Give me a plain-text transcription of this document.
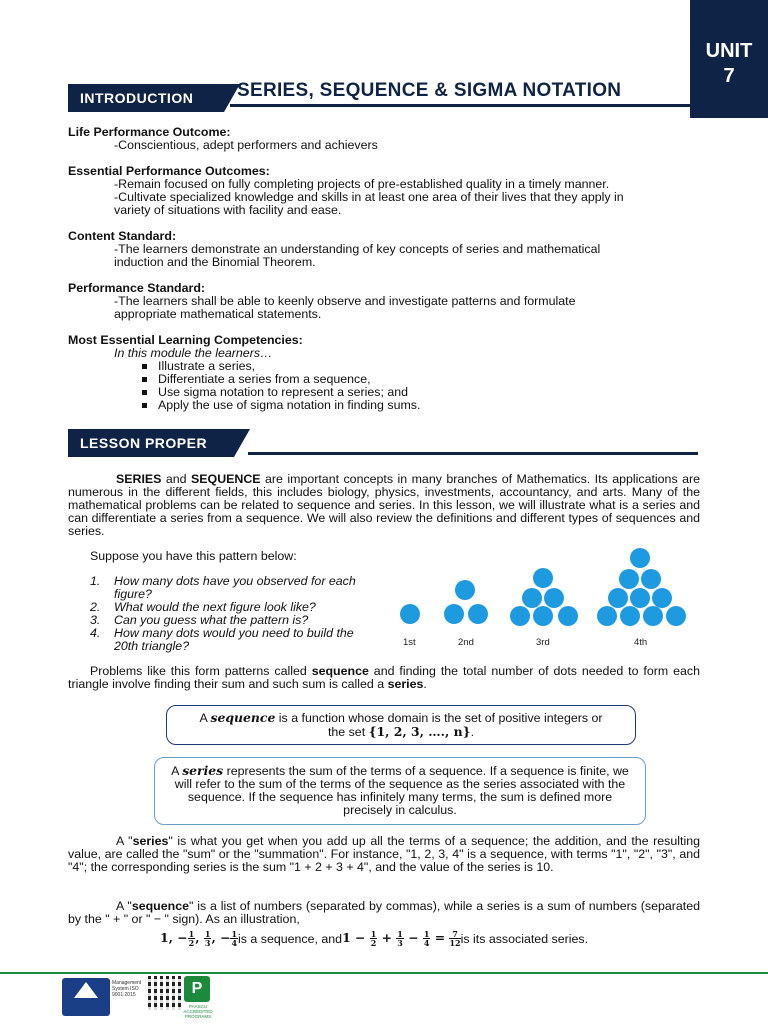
UNIT
7
INTRODUCTION	SERIES, SEQUENCE & SIGMA NOTATION
Life Performance Outcome:
-Conscientious, adept performers and achievers
Essential Performance Outcomes:
-Remain focused on fully completing projects of pre-established quality in a timely manner.
-Cultivate specialized knowledge and skills in at least one area of their lives that they apply in
variety of situations with facility and ease.
Content Standard:
-The learners demonstrate an understanding of key concepts of series and mathematical
induction and the Binomial Theorem.
Performance Standard:
-The learners shall be able to keenly observe and investigate patterns and formulate
appropriate mathematical statements.
Most Essential Learning Competencies:
In this module the learners…
Illustrate a series,
Differentiate a series from a sequence,
Use sigma notation to represent a series; and
Apply the use of sigma notation in finding sums.
LESSON PROPER
SERIES and SEQUENCE are important concepts in many branches of Mathematics. Its applications are numerous in the different fields, this includes biology, physics, investments, accountancy, and arts. Many of the mathematical problems can be related to sequence and series. In this lesson, we will illustrate what is a series and can differentiate a series from a sequence. We will also review the definitions and different types of sequences and series.
Suppose you have this pattern below:
1.	How many dots have you observed for each figure?
2.	What would the next figure look like?
3.	Can you guess what the pattern is?
4.	How many dots would you need to build the 20th triangle?	1st	2nd	3rd	4th
Problems like this form patterns called sequence and finding the total number of dots needed to form each triangle involve finding their sum and such sum is called a series.
A sequence is a function whose domain is the set of positive integers or
the set {1, 2, 3, …., n}.
A series represents the sum of the terms of a sequence. If a sequence is finite, we will refer to the sum of the terms of the sequence as the series associated with the sequence. If the sequence has infinitely many terms, the sum is defined more precisely in calculus.
A "series" is what you get when you add up all the terms of a sequence; the addition, and the resulting value, are called the "sum" or the "summation". For instance, "1, 2, 3, 4" is a sequence, with terms "1", "2", "3", and "4"; the corresponding series is the sum "1 + 2 + 3 + 4", and the value of the series is 10.
A "sequence" is a list of numbers (separated by commas), while a series is a sum of numbers (separated by the " + " or " − " sign). As an illustration,
1, − $\frac{1}{2}$ , $\frac{1}{3}$ , − $\frac{1}{4}$ is a sequence, and $1 - \frac{1}{2} + \frac{1}{3} - \frac{1}{4} = \frac{7}{12}$ is its associated series.
Management System ISO 9001:2015	P
PAASCU ACCREDITED PROGRAMS
